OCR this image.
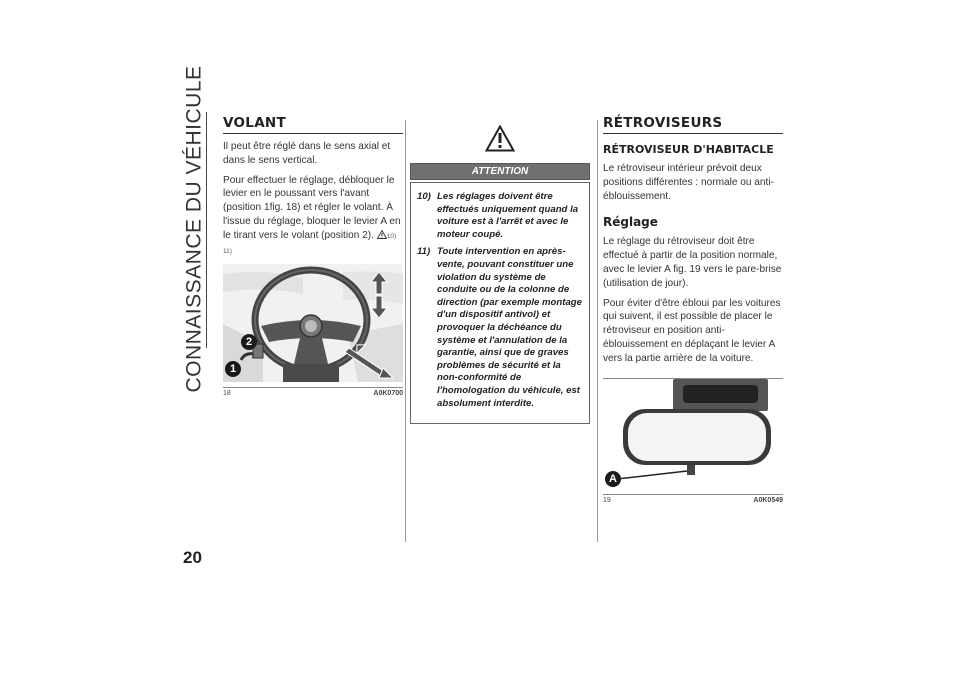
CONNAISSANCE DU VÉHICULE
20
VOLANT

Il peut être réglé dans le sens axial et dans le sens vertical.

Pour effectuer le réglage, débloquer le levier en le poussant vers l'avant (position 1fig. 18) et régler le volant. À l'issue du réglage, bloquer le levier A en le tirant vers le volant (position 2). 10)
11)

1
2
18	A0K0700
ATTENTION
10) Les réglages doivent être effectués uniquement quand la voiture est à l'arrêt et avec le moteur coupé.
11) Toute intervention en après-vente, pouvant constituer une violation du système de conduite ou de la colonne de direction (par exemple montage d'un dispositif antivol) et provoquer la déchéance du système et l'annulation de la garantie, ainsi que de graves problèmes de sécurité et la non-conformité de l'homologation du véhicule, est absolument interdite.
RÉTROVISEURS
RÉTROVISEUR D'HABITACLE

Le rétroviseur intérieur prévoit deux positions différentes : normale ou anti-éblouissement.

Réglage

Le réglage du rétroviseur doit être effectué à partir de la position normale, avec le levier A fig. 19 vers le pare-brise (utilisation de jour).

Pour éviter d'être ébloui par les voitures qui suivent, il est possible de placer le rétroviseur en position anti-éblouissement en déplaçant le levier A vers la partie arrière de la voiture.

A
19	A0K0549
